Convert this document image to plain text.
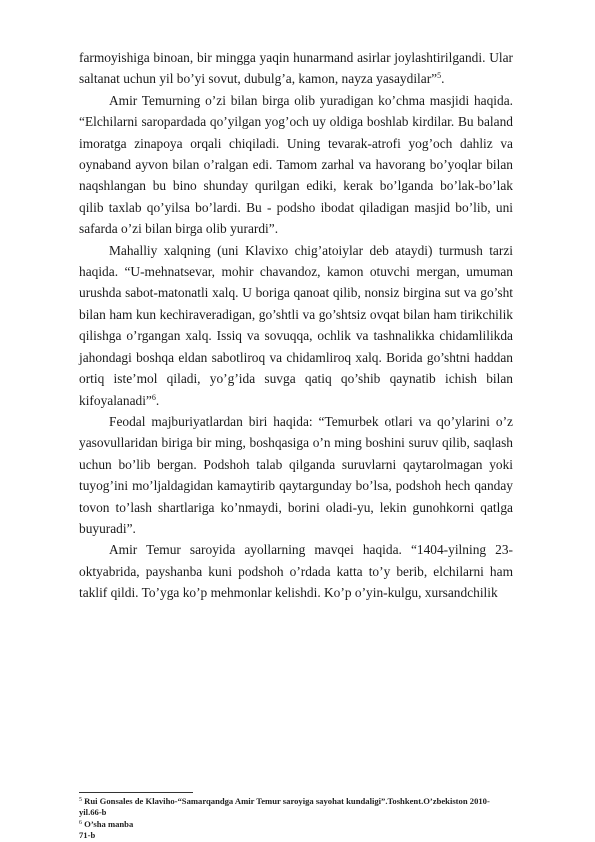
farmoyishiga binoan, bir mingga yaqin hunarmand asirlar joylashtirilgandi. Ular saltanat uchun yil bo’yi sovut, dubulg’a, kamon, nayza yasaydilar”$^5$.

Amir Temurning o’zi bilan birga olib yuradigan ko’chma masjidi haqida. “Elchilarni saropardada qo’yilgan yog’och uy oldiga boshlab kirdilar. Bu baland imoratga zinapoya orqali chiqiladi. Uning tevarak-atrofi yog’och dahliz va oynaband ayvon bilan o’ralgan edi. Tamom zarhal va havorang bo’yoqlar bilan naqshlangan bu bino shunday qurilgan ediki, kerak bo’lganda bo’lak-bo’lak qilib taxlab qo’yilsa bo’lardi. Bu - podsho ibodat qiladigan masjid bo’lib, uni safarda o’zi bilan birga olib yurardi”.

Mahalliy xalqning (uni Klavixo chig’atoiylar deb ataydi) turmush tarzi haqida. “U-mehnatsevar, mohir chavandoz, kamon otuvchi mergan, umuman urushda sabot-matonatli xalq. U boriga qanoat qilib, nonsiz birgina sut va go’sht bilan ham kun kechiraveradigan, go’shtli va go’shtsiz ovqat bilan ham tirikchilik qilishga o’rgangan xalq. Issiq va sovuqqa, ochlik va tashnalikka chidamlilikda jahondagi boshqa eldan sabotliroq va chidamliroq xalq. Borida go’shtni haddan ortiq iste’mol qiladi, yo’g’ida suvga qatiq qo’shib qaynatib ichish bilan kifoyalanadi”$^6$.

Feodal majburiyatlardan biri haqida: “Temurbek otlari va qo’ylarini o’z yasovullaridan biriga bir ming, boshqasiga o’n ming boshini suruv qilib, saqlash uchun bo’lib bergan. Podshoh talab qilganda suruvlarni qaytarolmagan yoki tuyog’ini mo’ljaldagidan kamaytirib qaytargunday bo’lsa, podshoh hech qanday tovon to’lash shartlariga ko’nmaydi, borini oladi-yu, lekin gunohkorni qatlga buyuradi”.

Amir Temur saroyida ayollarning mavqei haqida. “1404-yilning 23-oktyabrida, payshanba kuni podshoh o’rdada katta to’y berib, elchilarni ham taklif qildi. To’yga ko’p mehmonlar kelishdi. Ko’p o’yin-kulgu, xursandchilik

$^5$ Rui Gonsales de Klaviho-“Samarqandga Amir Temur saroyiga sayohat kundaligi”.Toshkent.O’zbekiston 2010-
yil.66-b
$^6$ O’sha manba
71-b
